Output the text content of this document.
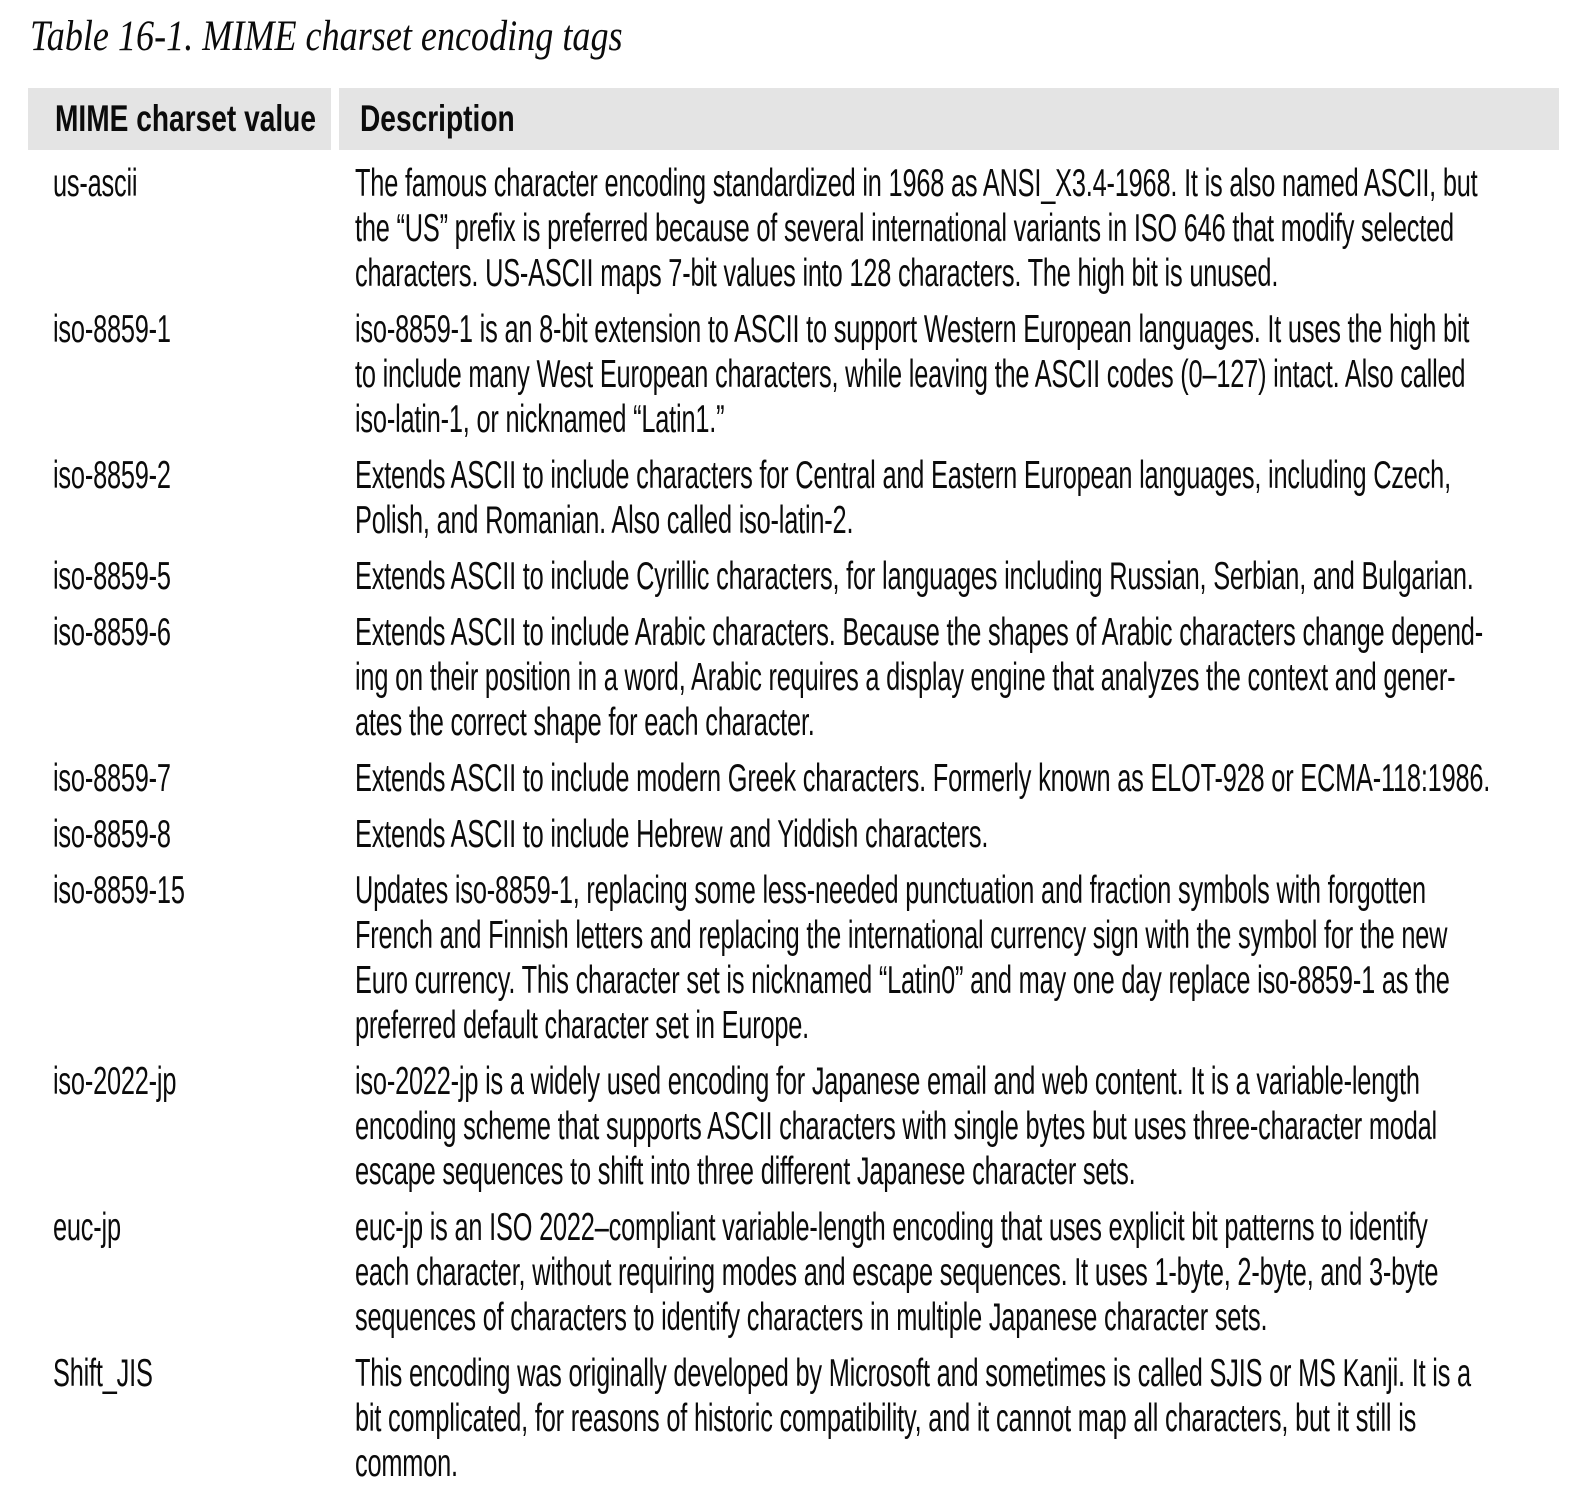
Table 16-1. MIME charset encoding tags
MIME charset value Description
us-ascii	The famous character encoding standardized in 1968 as ANSI_X3.4-1968. It is also named ASCII, but
the “US” prefix is preferred because of several international variants in ISO 646 that modify selected
characters. US-ASCII maps 7-bit values into 128 characters. The high bit is unused.
iso-8859-1	iso-8859-1 is an 8-bit extension to ASCII to support Western European languages. It uses the high bit
to include many West European characters, while leaving the ASCII codes (0–127) intact. Also called
iso-latin-1, or nicknamed “Latin1.”
iso-8859-2	Extends ASCII to include characters for Central and Eastern European languages, including Czech,
Polish, and Romanian. Also called iso-latin-2.
iso-8859-5	Extends ASCII to include Cyrillic characters, for languages including Russian, Serbian, and Bulgarian.
iso-8859-6	Extends ASCII to include Arabic characters. Because the shapes of Arabic characters change depend-
ing on their position in a word, Arabic requires a display engine that analyzes the context and gener-
ates the correct shape for each character.
iso-8859-7	Extends ASCII to include modern Greek characters. Formerly known as ELOT-928 or ECMA-118:1986.
iso-8859-8	Extends ASCII to include Hebrew and Yiddish characters.
iso-8859-15	Updates iso-8859-1, replacing some less-needed punctuation and fraction symbols with forgotten
French and Finnish letters and replacing the international currency sign with the symbol for the new
Euro currency. This character set is nicknamed “Latin0” and may one day replace iso-8859-1 as the
preferred default character set in Europe.
iso-2022-jp	iso-2022-jp is a widely used encoding for Japanese email and web content. It is a variable-length
encoding scheme that supports ASCII characters with single bytes but uses three-character modal
escape sequences to shift into three different Japanese character sets.
euc-jp	euc-jp is an ISO 2022–compliant variable-length encoding that uses explicit bit patterns to identify
each character, without requiring modes and escape sequences. It uses 1-byte, 2-byte, and 3-byte
sequences of characters to identify characters in multiple Japanese character sets.
Shift_JIS	This encoding was originally developed by Microsoft and sometimes is called SJIS or MS Kanji. It is a
bit complicated, for reasons of historic compatibility, and it cannot map all characters, but it still is
common.
